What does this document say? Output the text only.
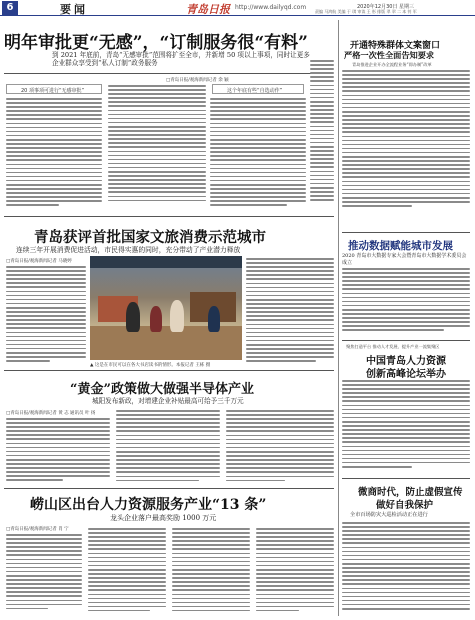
6	要闻	青岛日报 http://www.dailyqd.com	2020年12月30日 星期三
责编 马鸿航 美编 于 琪 审读 王 彤 排版 翠 翠 二 本 钊 军
明年审批更“无感”，“订制服务很“有料”
到 2021 年底前，青岛“无感审批”范围将扩至全市，并新增 50 项以上事项，同时让更多企业群众享受到“私人订制”政务服务
□青岛日报/观海新闻记者 余 颖
20 项事项可进行“无感审批”	这个年底有些“自选动作”
开通特殊群体文案窗口
严格一次性全面告知要求
青岛推进企业开办全流程业务“即办制”改革
推动数据赋能城市发展
2020 青岛市大数据专家大会暨青岛市大数据学术委员会成立
聚焦打造平台 推动人才发展、提升产业一流集聚区
中国青岛人力资源
创新高峰论坛举办
微商时代，防止虚假宣传
做好自我保护
全市百场防灾大巡检活动正在进行
青岛获评首批国家文旅消费示范城市
连续三年开展消费促进活动，市民得实惠的同时，充分带动了产业潜力释放
□青岛日报/观海新闻记者 马晓婷
▲ 这是在市民可以在各大书店读书的情形。本报记者 王栋 摄
“黄金”政策做大做强半导体产业
城阳发布新政，对增建企业补贴最高可给予三千万元
□青岛日报/观海新闻记者 黄 志 通讯员 叶 扬
崂山区出台人力资源服务产业“13 条”
龙头企业落户最高奖励 1000 万元
□青岛日报/观海新闻记者 肖 宁
